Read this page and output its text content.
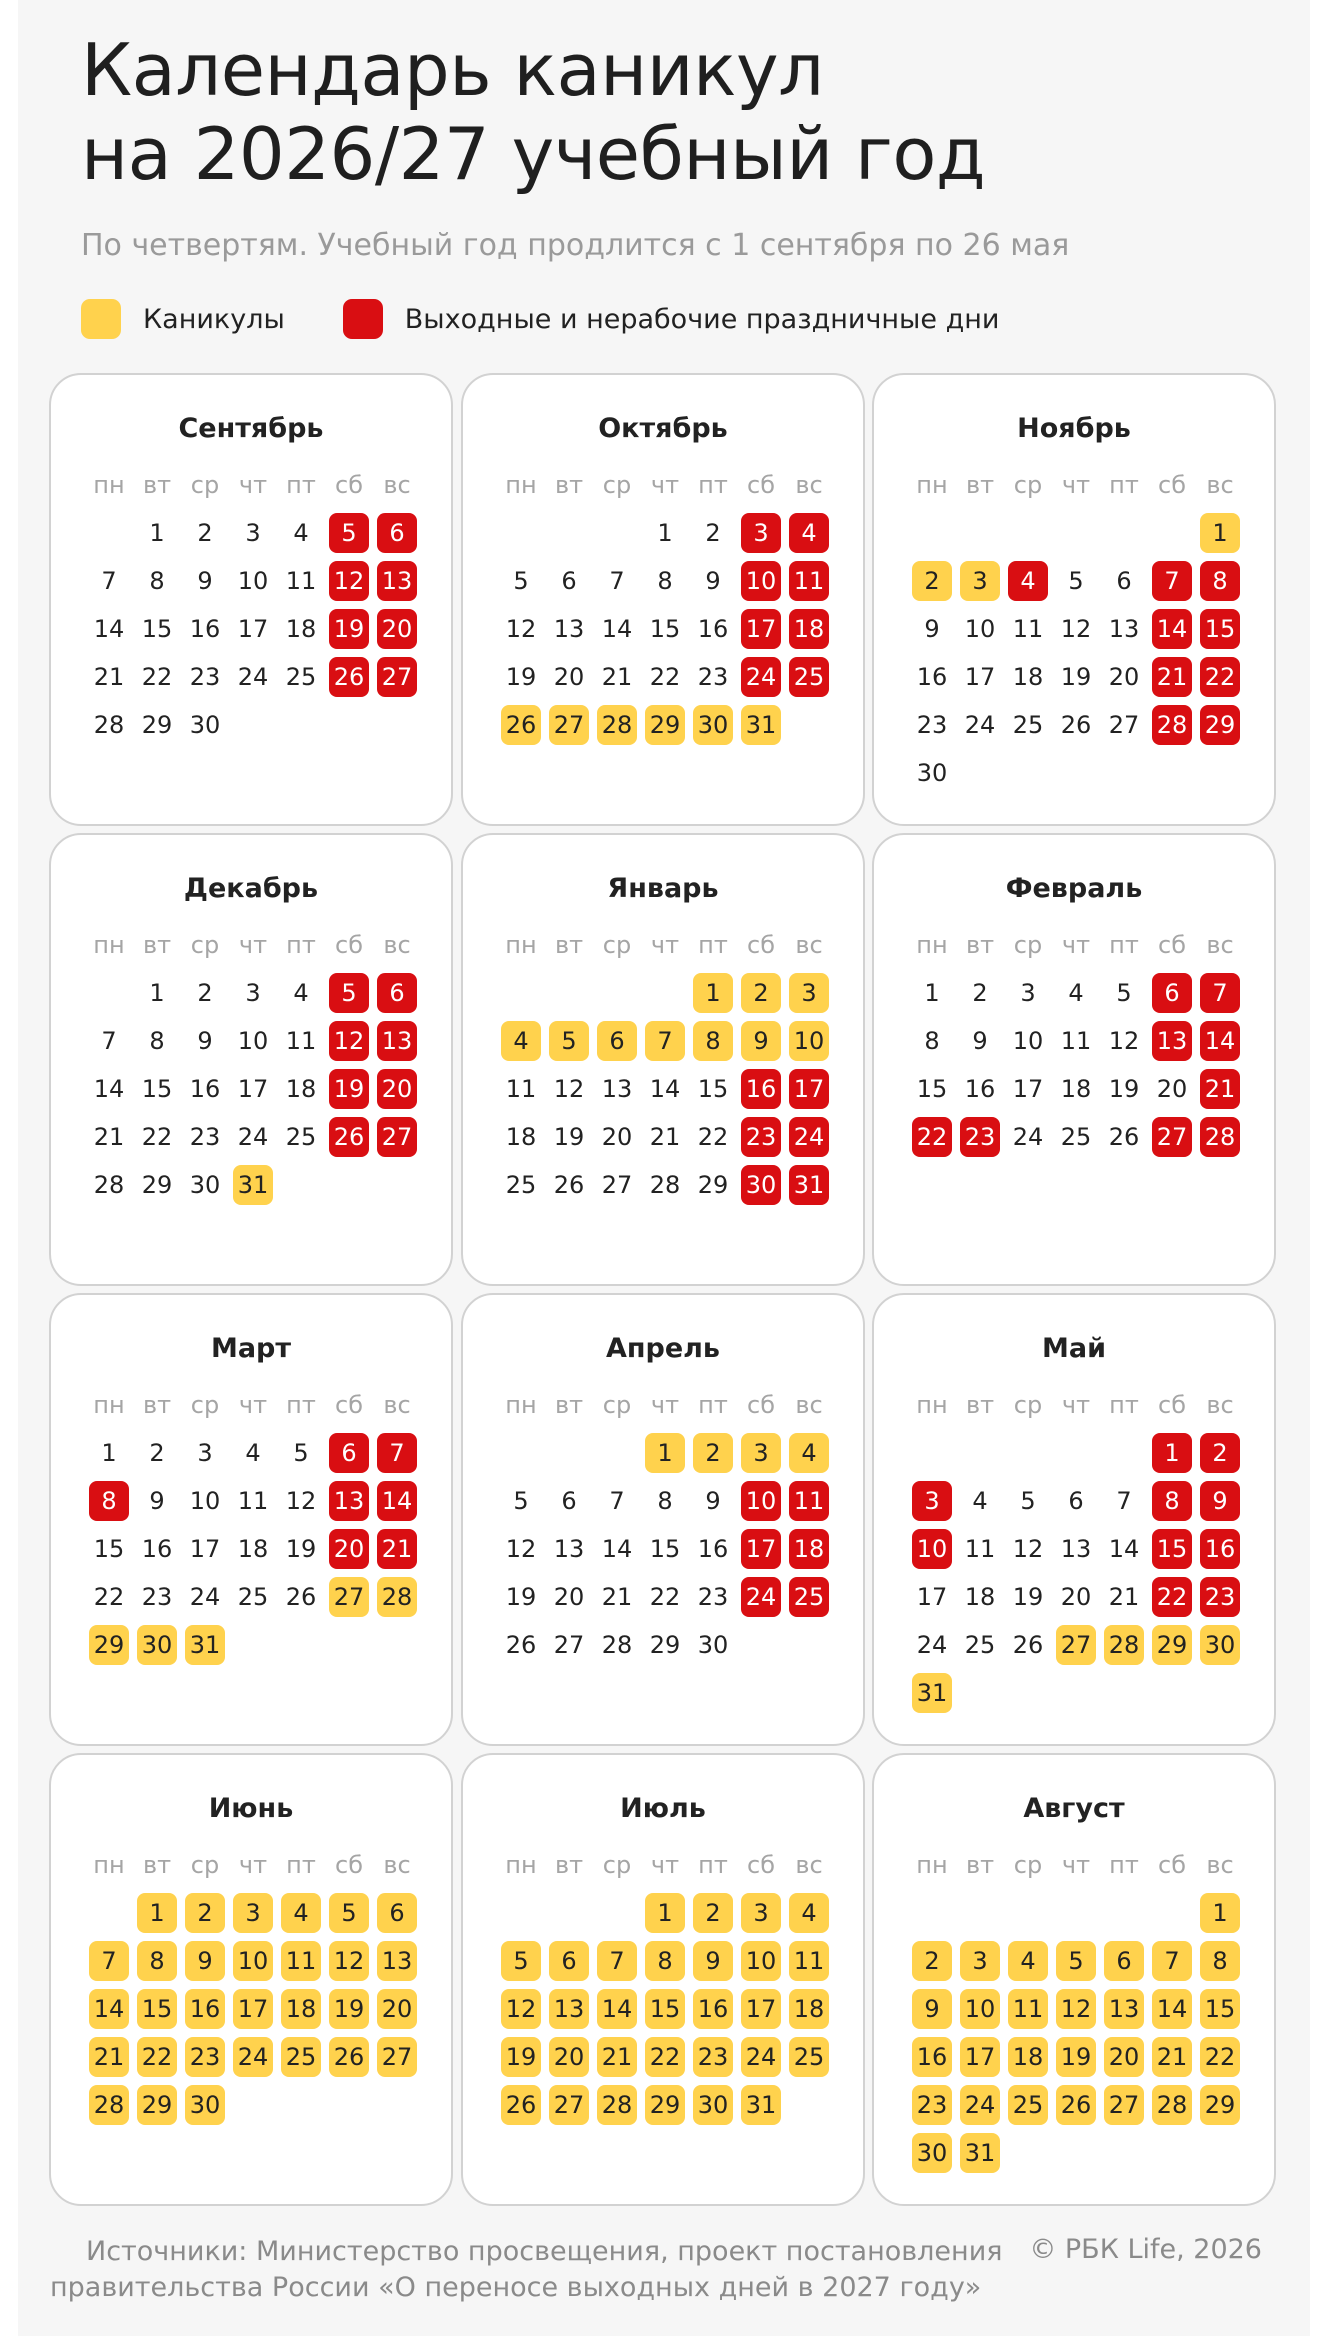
Календарь каникул
на 2026/27 учебный год
По четвертям. Учебный год продлится с 1 сентября по 26 мая
Каникулы	Выходные и нерабочие праздничные дни
Сентябрь
пн	вт	ср	чт	пт	сб	вс
	1	2	3	4	5	6
7	8	9	10	11	12	13
14	15	16	17	18	19	20
21	22	23	24	25	26	27
28	29	30				
Октябрь
пн	вт	ср	чт	пт	сб	вс
			1	2	3	4
5	6	7	8	9	10	11
12	13	14	15	16	17	18
19	20	21	22	23	24	25
26	27	28	29	30	31	
Ноябрь
пн	вт	ср	чт	пт	сб	вс
						1
2	3	4	5	6	7	8
9	10	11	12	13	14	15
16	17	18	19	20	21	22
23	24	25	26	27	28	29
30						
Декабрь
пн	вт	ср	чт	пт	сб	вс
	1	2	3	4	5	6
7	8	9	10	11	12	13
14	15	16	17	18	19	20
21	22	23	24	25	26	27
28	29	30	31			
Январь
пн	вт	ср	чт	пт	сб	вс
				1	2	3
4	5	6	7	8	9	10
11	12	13	14	15	16	17
18	19	20	21	22	23	24
25	26	27	28	29	30	31
Февраль
пн	вт	ср	чт	пт	сб	вс
1	2	3	4	5	6	7
8	9	10	11	12	13	14
15	16	17	18	19	20	21
22	23	24	25	26	27	28
Март
пн	вт	ср	чт	пт	сб	вс
1	2	3	4	5	6	7
8	9	10	11	12	13	14
15	16	17	18	19	20	21
22	23	24	25	26	27	28
29	30	31				
Апрель
пн	вт	ср	чт	пт	сб	вс
			1	2	3	4
5	6	7	8	9	10	11
12	13	14	15	16	17	18
19	20	21	22	23	24	25
26	27	28	29	30		
Май
пн	вт	ср	чт	пт	сб	вс
					1	2
3	4	5	6	7	8	9
10	11	12	13	14	15	16
17	18	19	20	21	22	23
24	25	26	27	28	29	30
31						
Июнь
пн	вт	ср	чт	пт	сб	вс
	1	2	3	4	5	6
7	8	9	10	11	12	13
14	15	16	17	18	19	20
21	22	23	24	25	26	27
28	29	30				
Июль
пн	вт	ср	чт	пт	сб	вс
			1	2	3	4
5	6	7	8	9	10	11
12	13	14	15	16	17	18
19	20	21	22	23	24	25
26	27	28	29	30	31	
Август
пн	вт	ср	чт	пт	сб	вс
						1
2	3	4	5	6	7	8
9	10	11	12	13	14	15
16	17	18	19	20	21	22
23	24	25	26	27	28	29
30	31					
Источники: Министерство просвещения, проект постановления
правительства России «О переносе выходных дней в 2027 году»
© РБК Life, 2026
